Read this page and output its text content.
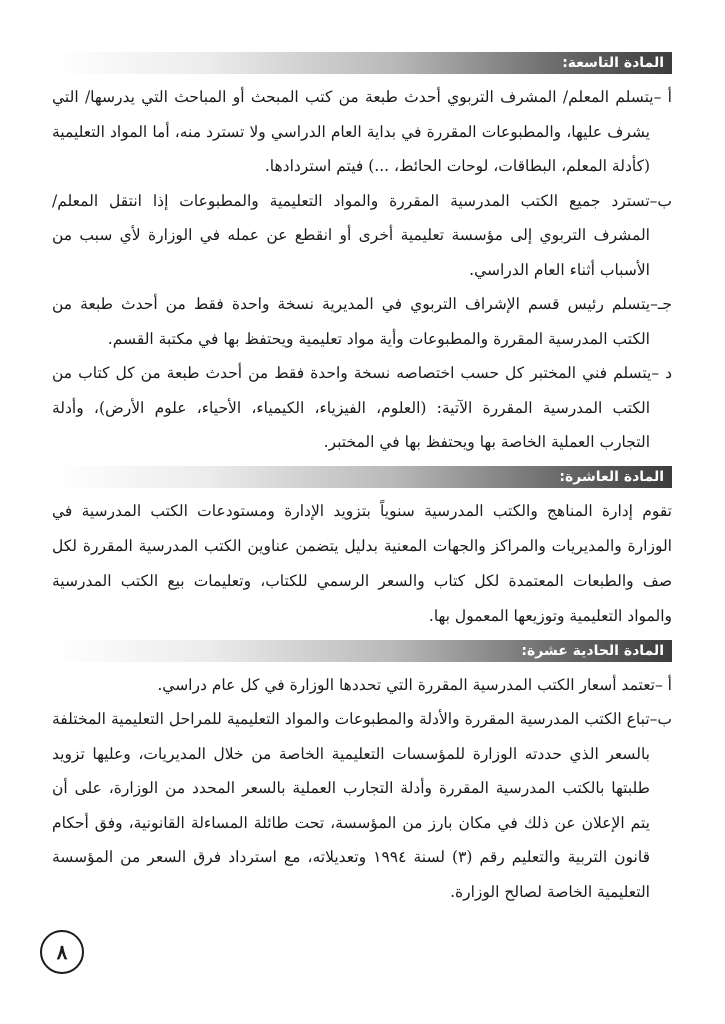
المادة التاسعة:

أ –يتسلم المعلم/ المشرف التربوي أحدث طبعة من كتب المبحث أو المباحث التي يدرسها/ التي يشرف عليها، والمطبوعات المقررة في بداية العام الدراسي ولا تسترد منه، أما المواد التعليمية (كأدلة المعلم، البطاقات، لوحات الحائط، ...) فيتم استردادها.

ب–تسترد جميع الكتب المدرسية المقررة والمواد التعليمية والمطبوعات إذا انتقل المعلم/ المشرف التربوي إلى مؤسسة تعليمية أخرى أو انقطع عن عمله في الوزارة لأي سبب من الأسباب أثناء العام الدراسي.

جـ–يتسلم رئيس قسم الإشراف التربوي في المديرية نسخة واحدة فقط من أحدث طبعة من الكتب المدرسية المقررة والمطبوعات وأية مواد تعليمية ويحتفظ بها في مكتبة القسم.

د –يتسلم فني المختبر كل حسب اختصاصه نسخة واحدة فقط من أحدث طبعة من كل كتاب من الكتب المدرسية المقررة الآتية: (العلوم، الفيزياء، الكيمياء، الأحياء، علوم الأرض)، وأدلة التجارب العملية الخاصة بها ويحتفظ بها في المختبر.

المادة العاشرة:

تقوم إدارة المناهج والكتب المدرسية سنوياً بتزويد الإدارة ومستودعات الكتب المدرسية في الوزارة والمديريات والمراكز والجهات المعنية بدليل يتضمن عناوين الكتب المدرسية المقررة لكل صف والطبعات المعتمدة لكل كتاب والسعر الرسمي للكتاب، وتعليمات بيع الكتب المدرسية والمواد التعليمية وتوزيعها المعمول بها.

المادة الحادية عشرة:

أ –تعتمد أسعار الكتب المدرسية المقررة التي تحددها الوزارة في كل عام دراسي.

ب–تباع الكتب المدرسية المقررة والأدلة والمطبوعات والمواد التعليمية للمراحل التعليمية المختلفة بالسعر الذي حددته الوزارة للمؤسسات التعليمية الخاصة من خلال المديريات، وعليها تزويد طلبتها بالكتب المدرسية المقررة وأدلة التجارب العملية بالسعر المحدد من الوزارة، على أن يتم الإعلان عن ذلك في مكان بارز من المؤسسة، تحت طائلة المساءلة القانونية، وفق أحكام قانون التربية والتعليم رقم (٣) لسنة ١٩٩٤ وتعديلاته، مع استرداد فرق السعر من المؤسسة التعليمية الخاصة لصالح الوزارة.

٨
